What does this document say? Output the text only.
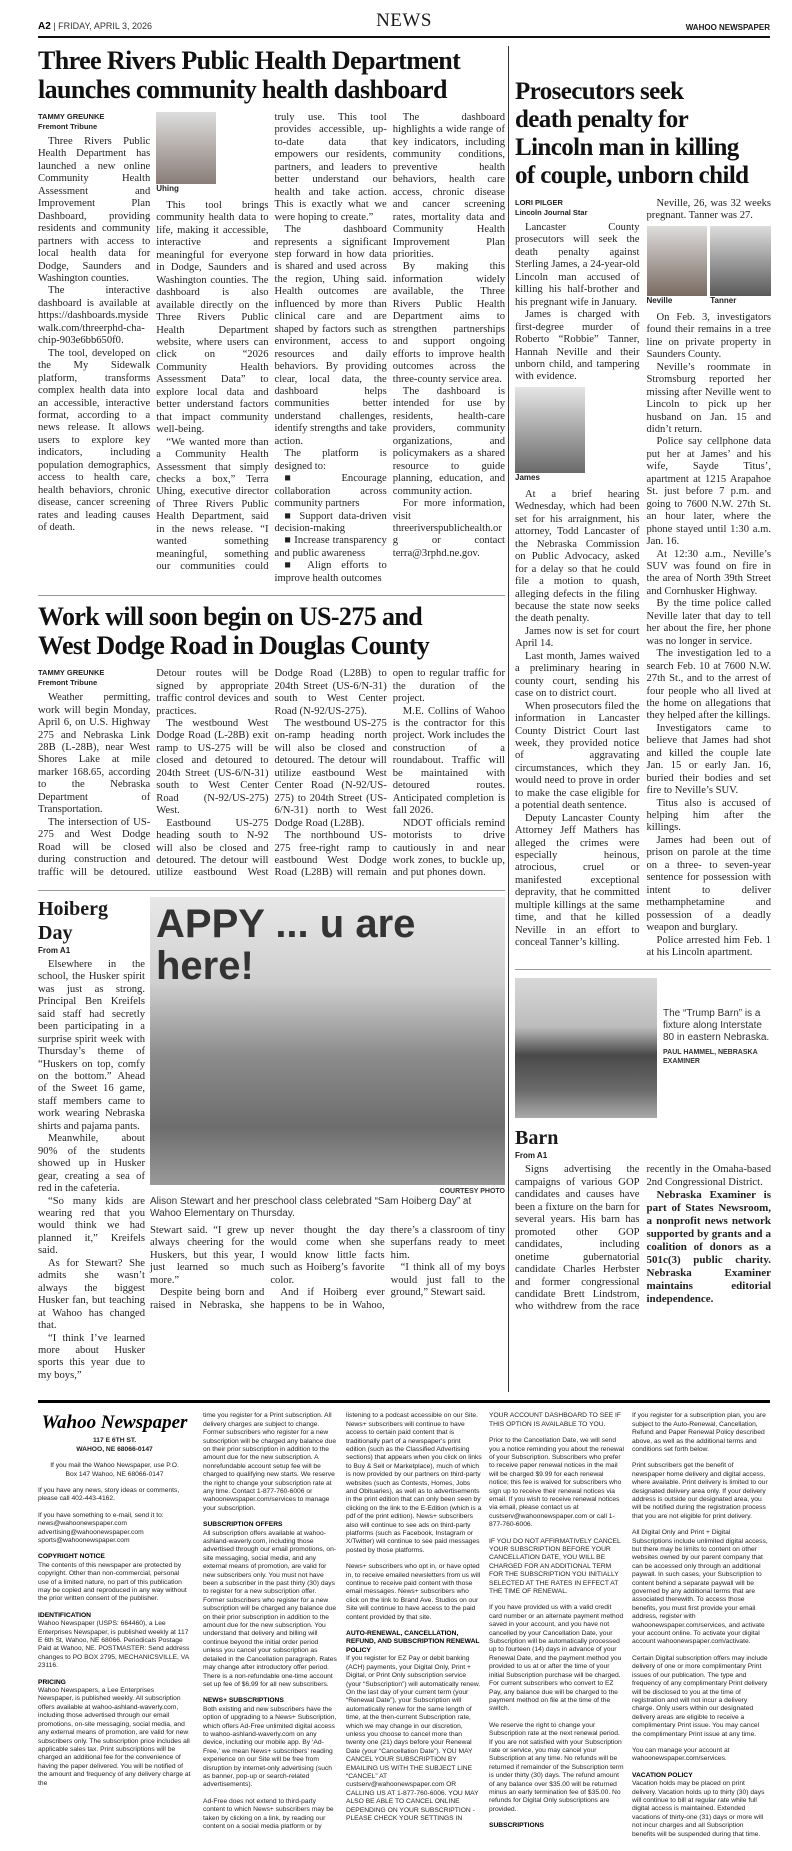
A2 | FRIDAY, APRIL 3, 2026	NEWS	WAHOO NEWSPAPER
Three Rivers Public Health Department
launches community health dashboard

TAMMY GREUNKE

Fremont Tribune

Three Rivers Public Health Department has launched a new online Community Health Assessment and Improvement Plan Dashboard, providing residents and community partners with access to local health data for Dodge, Saunders and Washington counties.

The interactive dashboard is available at https://dashboards.mysidewalk.com/threerphd-cha-chip-903e6bb650f0.

The tool, developed on the My Sidewalk platform, transforms complex health data into an accessible, interactive format, according to a news release. It allows users to explore key indicators, including population demographics, access to health care, health behaviors, chronic disease, cancer screening rates and leading causes of death.

Uhing

This tool brings community health data to life, making it accessible, interactive and meaningful for everyone in Dodge, Saunders and Washington counties. The dashboard is also available directly on the Three Rivers Public Health Department website, where users can click on “2026 Community Health Assessment Data” to explore local data and better understand factors that impact community well-being.

“We wanted more than a Community Health Assessment that simply checks a box,” Terra Uhing, executive director of Three Rivers Public Health Department, said in the news release. “I wanted something meaningful, something our communities could truly use. This tool provides accessible, up-to-date data that empowers our residents, partners, and leaders to better understand our health and take action. This is exactly what we were hoping to create.”

The dashboard represents a significant step forward in how data is shared and used across the region, Uhing said. Health outcomes are influenced by more than clinical care and are shaped by factors such as environment, access to resources and daily behaviors. By providing clear, local data, the dashboard helps communities better understand challenges, identify strengths and take action.

The platform is designed to:

■ Encourage collaboration across community partners

■ Support data-driven decision-making

■ Increase transparency and public awareness

■ Align efforts to improve health outcomes

The dashboard highlights a wide range of key indicators, including community conditions, preventive health behaviors, health care access, chronic disease and cancer screening rates, mortality data and Community Health Improvement Plan priorities.

By making this information widely available, the Three Rivers Public Health Department aims to strengthen partnerships and support ongoing efforts to improve health outcomes across the three-county service area.

The dashboard is intended for use by residents, health-care providers, community organizations, and policymakers as a shared resource to guide planning, education, and community action.

For more information, visit threeriverspublichealth.org or contact terra@3rphd.ne.gov.

Work will soon begin on US-275 and
West Dodge Road in Douglas County

TAMMY GREUNKE

Fremont Tribune

Weather permitting, work will begin Monday, April 6, on U.S. Highway 275 and Nebraska Link 28B (L-28B), near West Shores Lake at mile marker 168.65, according to the Nebraska Department of Transportation.

The intersection of US-275 and West Dodge Road will be closed during construction and traffic will be detoured. Detour routes will be signed by appropriate traffic control devices and practices.

The westbound West Dodge Road (L-28B) exit ramp to US-275 will be closed and detoured to 204th Street (US-6/N-31) south to West Center Road (N-92/US-275) West.

Eastbound US-275 heading south to N-92 will also be closed and detoured. The detour will utilize eastbound West Dodge Road (L28B) to 204th Street (US-6/N-31) south to West Center Road (N-92/US-275).

The westbound US-275 on-ramp heading north will also be closed and detoured. The detour will utilize eastbound West Center Road (N-92/US-275) to 204th Street (US-6/N-31) north to West Dodge Road (L28B).

The northbound US-275 free-right ramp to eastbound West Dodge Road (L28B) will remain open to regular traffic for the duration of the project.

M.E. Collins of Wahoo is the contractor for this project. Work includes the construction of a roundabout. Traffic will be maintained with detoured routes. Anticipated completion is fall 2026.

NDOT officials remind motorists to drive cautiously in and near work zones, to buckle up, and put phones down.

Hoiberg Day
From A1

Elsewhere in the school, the Husker spirit was just as strong. Principal Ben Kreifels said staff had secretly been participating in a surprise spirit week with Thursday’s theme of “Huskers on top, comfy on the bottom.” Ahead of the Sweet 16 game, staff members came to work wearing Nebraska shirts and pajama pants.

Meanwhile, about 90% of the students showed up in Husker gear, creating a sea of red in the cafeteria.

“So many kids are wearing red that you would think we had planned it,” Kreifels said.

As for Stewart? She admits she wasn’t always the biggest Husker fan, but teaching at Wahoo has changed that.

“I think I’ve learned more about Husker sports this year due to my boys,”

APPY ... u are here!
COURTESY PHOTO
Alison Stewart and her preschool class celebrated “Sam Hoiberg Day” at Wahoo Elementary on Thursday.

Stewart said. “I grew up always cheering for the Huskers, but this year, I just learned so much more.”

Despite being born and raised in Nebraska, she never thought the day would come when she would know little facts such as Hoiberg’s favorite color.

And if Hoiberg ever happens to be in Wahoo, there’s a classroom of tiny superfans ready to meet him.

“I think all of my boys would just fall to the ground,” Stewart said.

Prosecutors seek
death penalty for
Lincoln man in killing
of couple, unborn child

LORI PILGER

Lincoln Journal Star

Lancaster County prosecutors will seek the death penalty against Sterling James, a 24-year-old Lincoln man accused of killing his half-brother and his pregnant wife in January.

James is charged with first-degree murder of Roberto “Robbie” Tanner, Hannah Neville and their unborn child, and tampering with evidence.

James

At a brief hearing Wednesday, which had been set for his arraignment, his attorney, Todd Lancaster of the Nebraska Commission on Public Advocacy, asked for a delay so that he could file a motion to quash, alleging defects in the filing because the state now seeks the death penalty.

James now is set for court April 14.

Last month, James waived a preliminary hearing in county court, sending his case on to district court.

When prosecutors filed the information in Lancaster County District Court last week, they provided notice of aggravating circumstances, which they would need to prove in order to make the case eligible for a potential death sentence.

Deputy Lancaster County Attorney Jeff Mathers has alleged the crimes were especially heinous, atrocious, cruel or manifested exceptional depravity, that he committed multiple killings at the same time, and that he killed Neville in an effort to conceal Tanner’s killing.

Neville, 26, was 32 weeks pregnant. Tanner was 27.

Neville	Tanner

On Feb. 3, investigators found their remains in a tree line on private property in Saunders County.

Neville’s roommate in Stromsburg reported her missing after Neville went to Lincoln to pick up her husband on Jan. 15 and didn’t return.

Police say cellphone data put her at James’ and his wife, Sayde Titus’, apartment at 1215 Arapahoe St. just before 7 p.m. and going to 7600 N.W. 27th St. an hour later, where the phone stayed until 1:30 a.m. Jan. 16.

At 12:30 a.m., Neville’s SUV was found on fire in the area of North 39th Street and Cornhusker Highway.

By the time police called Neville later that day to tell her about the fire, her phone was no longer in service.

The investigation led to a search Feb. 10 at 7600 N.W. 27th St., and to the arrest of four people who all lived at the home on allegations that they helped after the killings.

Investigators came to believe that James had shot and killed the couple late Jan. 15 or early Jan. 16, buried their bodies and set fire to Neville’s SUV.

Titus also is accused of helping him after the killings.

James had been out of prison on parole at the time on a three- to seven-year sentence for possession with intent to deliver methamphetamine and possession of a deadly weapon and burglary.

Police arrested him Feb. 1 at his Lincoln apartment.

The “Trump Barn” is a fixture along Interstate 80 in eastern Nebraska.
PAUL HAMMEL, NEBRASKA EXAMINER
Barn
From A1

Signs advertising the campaigns of various GOP candidates and causes have been a fixture on the barn for several years. His barn has promoted other GOP candidates, including onetime gubernatorial candidate Charles Herbster and former congressional candidate Brett Lindstrom, who withdrew from the race recently in the Omaha-based 2nd Congressional District.

Nebraska Examiner is part of States Newsroom, a nonprofit news network supported by grants and a coalition of donors as a 501c(3) public charity. Nebraska Examiner maintains editorial independence.

Wahoo Newspaper
117 E 6TH ST.
WAHOO, NE 68066-0147

If you mail the Wahoo Newspaper, use P.O. Box 147 Wahoo, NE 68066-0147

If you have any news, story ideas or comments, please call 402-443-4162.

If you have something to e-mail, send it to:
news@wahoonewspaper.com
advertising@wahoonewspaper.com
sports@wahoonewspaper.com
COPYRIGHT NOTICE

The contents of this newspaper are protected by copyright. Other than non-commercial, personal use of a limited nature, no part of this publication may be copied and reproduced in any way without the prior written consent of the publisher.

IDENTIFICATION

Wahoo Newspaper (USPS: 664460), a Lee Enterprises Newspaper, is published weekly at 117 E 6th St, Wahoo, NE 68066. Periodicals Postage Paid at Wahoo, NE. POSTMASTER: Send address changes to PO BOX 2795, MECHANICSVILLE, VA 23116.

PRICING

Wahoo Newspapers, a Lee Enterprises Newspaper, is published weekly. All subscription offers available at wahoo-ashland-waverly.com, including those advertised through our email promotions, on-site messaging, social media, and any external means of promotion, are valid for new subscribers only. The subscription price includes all applicable sales tax. Print subscriptions will be charged an additional fee for the convenience of having the paper delivered. You will be notified of the amount and frequency of any delivery charge at the

time you register for a Print subscription. All delivery charges are subject to change. Former subscribers who register for a new subscription will be charged any balance due on their prior subscription in addition to the amount due for the new subscription. A nonrefundable account setup fee will be charged to qualifying new starts. We reserve the right to change your subscription rate at any time. Contact 1-877-760-6006 or wahoonewspaper.com/services to manage your subscription.

SUBSCRIPTION OFFERS

All subscription offers available at wahoo-ashland-waverly.com, including those advertised through our email promotions, on-site messaging, social media, and any external means of promotion, are valid for new subscribers only. You must not have been a subscriber in the past thirty (30) days to register for a new subscription offer. Former subscribers who register for a new subscription will be charged any balance due on their prior subscription in addition to the amount due for the new subscription. You understand that delivery and billing will continue beyond the initial order period unless you cancel your subscription as detailed in the Cancellation paragraph. Rates may change after introductory offer period. There is a non-refundable one-time account set up fee of $6.99 for all new subscribers.

NEWS+ SUBSCRIPTIONS

Both existing and new subscribers have the option of upgrading to a News+ Subscription, which offers Ad-Free unlimited digital access to wahoo-ashland-waverly.com on any device, including our mobile app. By ‘Ad-Free,’ we mean News+ subscribers’ reading experience on our Site will be free from disruption by internet-only advertising (such as banner, pop-up or search-related advertisements).

Ad-Free does not extend to third-party content to which News+ subscribers may be taken by clicking on a link, by reading our content on a social media platform or by listening to a podcast accessible on our Site. News+ subscribers will continue to have access to certain paid content that is traditionally part of a newspaper’s print edition (such as the Classified Advertising sections) that appears when you click on links to Buy & Sell or Marketplace), much of which is now provided by our partners on third-party websites (such as Contests, Homes, Jobs and Obituaries), as well as to advertisements in the print edition that can only been seen by clicking on the link to the E-Edition (which is a pdf of the print edition). News+ subscribers also will continue to see ads on third-party platforms (such as Facebook, Instagram or X/Twitter) will continue to see paid messages posted by those platforms.

News+ subscribers who opt in, or have opted in, to receive emailed newsletters from us will continue to receive paid content with those email messages. News+ subscribers who click on the link to Brand Ave. Studios on our Site will continue to have access to the paid content provided by that site.

AUTO-RENEWAL, CANCELLATION, REFUND, AND SUBSCRIPTION RENEWAL POLICY

If you register for EZ Pay or debit banking (ACH) payments, your Digital Only, Print + Digital, or Print Only subscription service (your “Subscription”) will automatically renew. On the last day of your current term (your “Renewal Date”), your Subscription will automatically renew for the same length of time, at the then-current Subscription rate, which we may change in our discretion, unless you choose to cancel more than twenty one (21) days before your Renewal Date (your “Cancellation Date”). YOU MAY CANCEL YOUR SUBSCRIPTION BY EMAILING US WITH THE SUBJECT LINE “CANCEL” AT custserv@wahoonewspaper.com OR CALLING US AT 1-877-760-6006. YOU MAY ALSO BE ABLE TO CANCEL ONLINE DEPENDING ON YOUR SUBSCRIPTION - PLEASE CHECK YOUR SETTINGS IN YOUR ACCOUNT DASHBOARD TO SEE IF THIS OPTION IS AVAILABLE TO YOU.

Prior to the Cancellation Date, we will send you a notice reminding you about the renewal of your Subscription. Subscribers who prefer to receive paper renewal notices in the mail will be charged $9.99 for each renewal notice; this fee is waived for subscribers who sign up to receive their renewal notices via email. If you wish to receive renewal notices via email, please contact us at custserv@wahoonewspaper.com or call 1-877-760-6006.

IF YOU DO NOT AFFIRMATIVELY CANCEL YOUR SUBSCRIPTION BEFORE YOUR CANCELLATION DATE, YOU WILL BE CHARGED FOR AN ADDITIONAL TERM FOR THE SUBSCRIPTION YOU INITIALLY SELECTED AT THE RATES IN EFFECT AT THE TIME OF RENEWAL.

If you have provided us with a valid credit card number or an alternate payment method saved in your account, and you have not cancelled by your Cancellation Date, your Subscription will be automatically processed up to fourteen (14) days in advance of your Renewal Date, and the payment method you provided to us at or after the time of your initial Subscription purchase will be charged. For current subscribers who convert to EZ Pay, any balance due will be charged to the payment method on file at the time of the switch.

We reserve the right to change your Subscription rate at the next renewal period. If you are not satisfied with your Subscription rate or service, you may cancel your Subscription at any time. No refunds will be returned if remainder of the Subscription term is under thirty (30) days. The refund amount of any balance over $35.00 will be returned minus an early termination fee of $35.00. No refunds for Digital Only subscriptions are provided.

SUBSCRIPTIONS

If you register for a subscription plan, you are subject to the Auto-Renewal, Cancellation, Refund and Paper Renewal Policy described above, as well as the additional terms and conditions set forth below.

Print subscribers get the benefit of newspaper home delivery and digital access, where available. Print delivery is limited to our designated delivery area only. If your delivery address is outside our designated area, you will be notified during the registration process that you are not eligible for print delivery.

All Digital Only and Print + Digital Subscriptions include unlimited digital access, but there may be limits to content on other websites owned by our parent company that can be accessed only through an additional paywall. In such cases, your Subscription to content behind a separate paywall will be governed by any additional terms that are associated therewith. To access those benefits, you must first provide your email address, register with wahoonewspaper.com/services, and activate your account online. To activate your digital account wahoonewspaper.com/activate.

Certain Digital subscription offers may include delivery of one or more complimentary Print issues of our publication. The type and frequency of any complimentary Print delivery will be disclosed to you at the time of registration and will not incur a delivery charge. Only users within our designated delivery areas are eligible to receive a complimentary Print issue. You may cancel the complimentary Print issue at any time.

You can manage your account at wahoonewspaper.com/services.

VACATION POLICY

Vacation holds may be placed on print delivery. Vacation holds up to thirty (30) days will continue to bill at regular rate while full digital access is maintained. Extended vacations of thirty-one (31) days or more will not incur charges and all Subscription benefits will be suspended during that time.
